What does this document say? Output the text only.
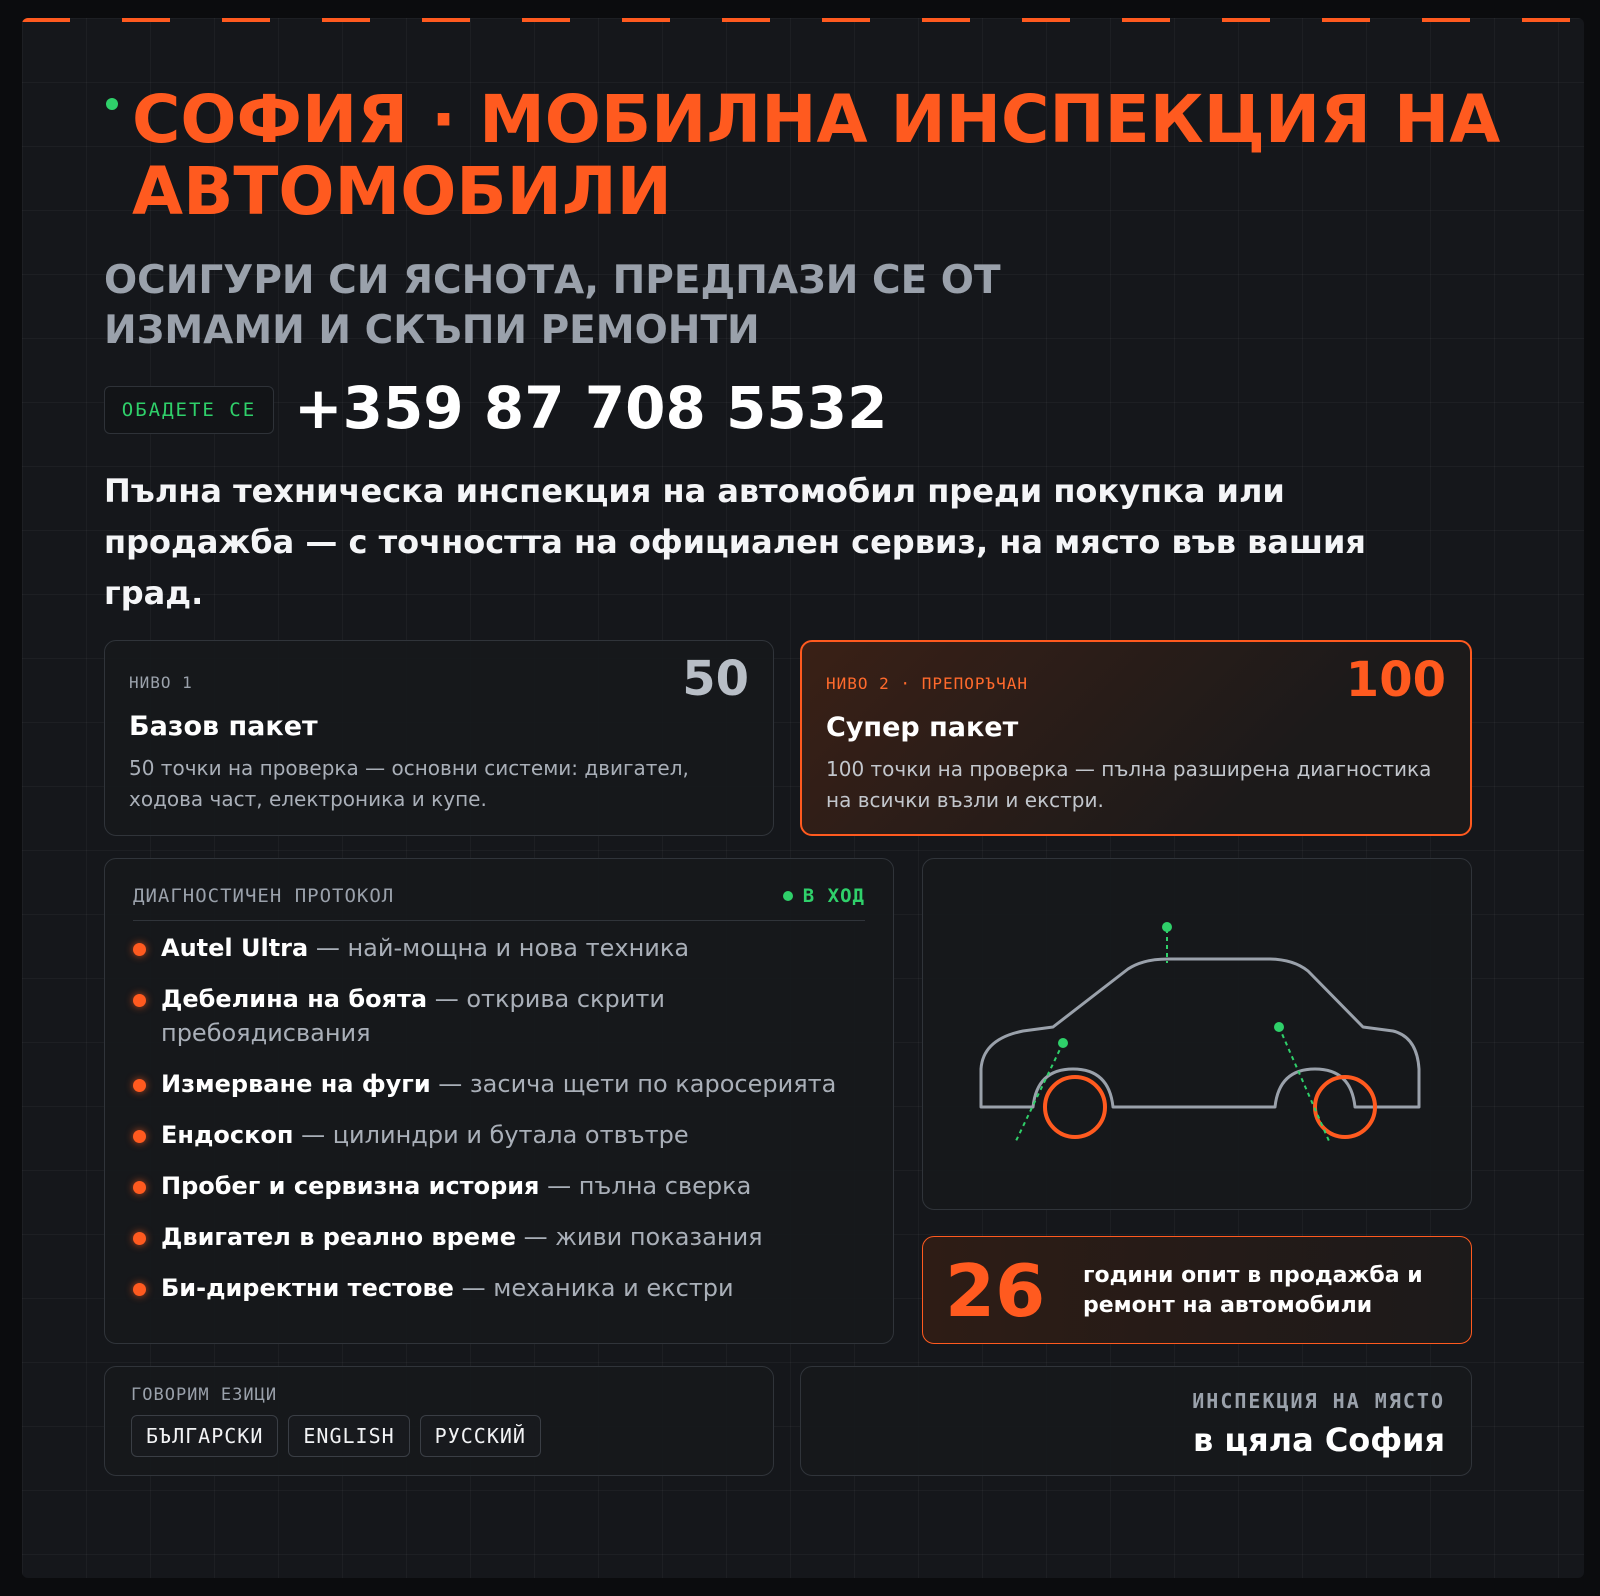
СОФИЯ · МОБИЛНА ИНСПЕКЦИЯ НА АВТОМОБИЛИ
ОСИГУРИ СИ ЯСНОТА, ПРЕДПАЗИ СЕ ОТ ИЗМАМИ И СКЪПИ РЕМОНТИ
ОБАДЕТЕ СЕ +359 87 708 5532

Пълна техническа инспекция на автомобил преди покупка или продажба — с точността на официален сервиз, на място във вашия град.

НИВО 1	50
Базов пакет
50 точки на проверка — основни системи: двигател, ходова част, електроника и купе.
НИВО 2 · ПРЕПОРЪЧАН	100
Супер пакет
100 точки на проверка — пълна разширена диагностика на всички възли и екстри.
ДИАГНОСТИЧЕН ПРОТОКОЛ	В ХОД
Autel Ultra — най-мощна и нова техника
Дебелина на боята — открива скрити пребоядисвания
Измерване на фуги — засича щети по каросерията
Ендоскоп — цилиндри и бутала отвътре
Пробег и сервизна история — пълна сверка
Двигател в реално време — живи показания
Би-директни тестове — механика и екстри	26 години опит в продажба и ремонт на автомобили
ГОВОРИМ ЕЗИЦИ
БЪЛГАРСКИ	ENGLISH	РУССКИЙ
ИНСПЕКЦИЯ НА МЯСТО
в цяла София
